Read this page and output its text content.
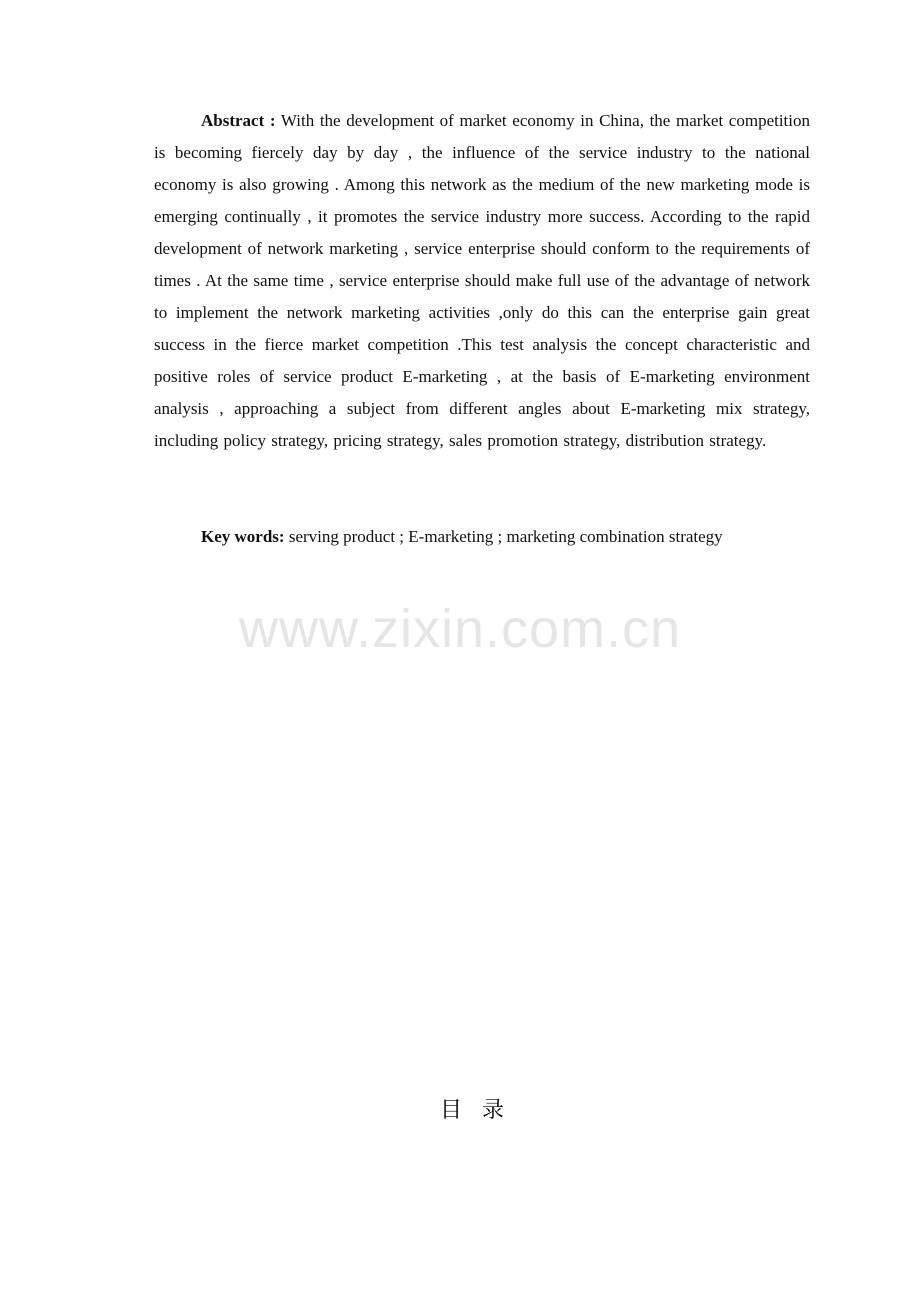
Abstract : With the development of market economy in China, the market competition is becoming fiercely day by day , the influence of the service industry to the national economy is also growing . Among this network as the medium of the new marketing mode is emerging continually , it promotes the service industry more success. According to the rapid development of network marketing , service enterprise should conform to the requirements of times . At the same time , service enterprise should make full use of the advantage of network to implement the network marketing activities ,only do this can the enterprise gain great success in the fierce market competition .This test analysis the concept characteristic and positive roles of service product E-marketing , at the basis of E-marketing environment analysis , approaching a subject from different angles about E-marketing mix strategy, including policy strategy, pricing strategy, sales promotion strategy, distribution strategy.

Key words: serving product ; E-marketing ; marketing combination strategy

www.zixin.com.cn
目录
